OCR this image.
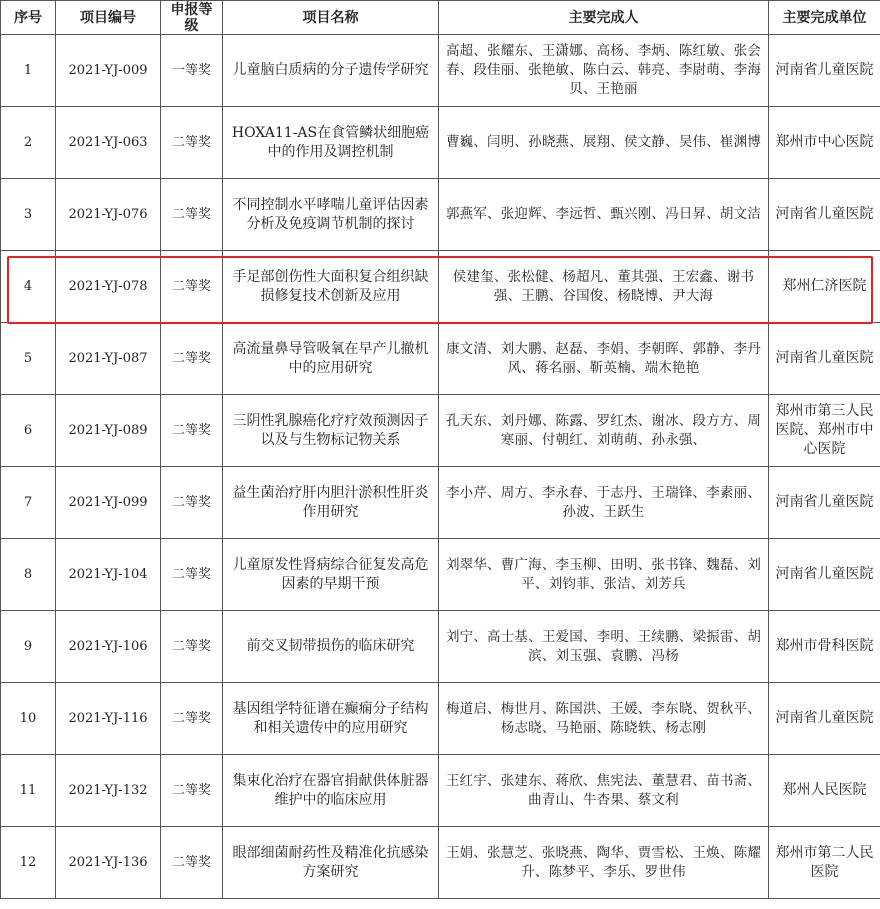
序号	项目编号	申报等级	项目名称	主要完成人	主要完成单位
1	2021-YJ-009	一等奖	儿童脑白质病的分子遗传学研究	高超、张耀东、王潇娜、高杨、李炳、陈红敏、张会春、段佳丽、张艳敏、陈白云、韩亮、李尉萌、李海贝、王艳丽	河南省儿童医院
2	2021-YJ-063	二等奖	HOXA11-AS在食管鳞状细胞癌中的作用及调控机制	曹巍、闫明、孙晓燕、展翔、侯文静、吴伟、崔渊博	郑州市中心医院
3	2021-YJ-076	二等奖	不同控制水平哮喘儿童评估因素分析及免疫调节机制的探讨	郭燕军、张迎辉、李远哲、甄兴刚、冯日昇、胡文洁	河南省儿童医院
4	2021-YJ-078	二等奖	手足部创伤性大面积复合组织缺损修复技术创新及应用	侯建玺、张松健、杨超凡、董其强、王宏鑫、谢书强、王鹏、谷国俊、杨晓博、尹大海	郑州仁济医院
5	2021-YJ-087	二等奖	高流量鼻导管吸氧在早产儿撤机中的应用研究	康文清、刘大鹏、赵磊、李娟、李朝晖、郭静、李丹风、蒋名丽、靳英楠、端木艳艳	河南省儿童医院
6	2021-YJ-089	二等奖	三阴性乳腺癌化疗疗效预测因子以及与生物标记物关系	孔天东、刘丹娜、陈露、罗红杰、谢冰、段方方、周寒丽、付朝红、刘萌萌、孙永强、	郑州市第三人民医院、郑州市中心医院
7	2021-YJ-099	二等奖	益生菌治疗肝内胆汁淤积性肝炎作用研究	李小芹、周方、李永春、于志丹、王瑞锋、李素丽、孙波、王跃生	河南省儿童医院
8	2021-YJ-104	二等奖	儿童原发性肾病综合征复发高危因素的早期干预	刘翠华、曹广海、李玉柳、田明、张书锋、魏磊、刘平、刘钧菲、张洁、刘芳兵	河南省儿童医院
9	2021-YJ-106	二等奖	前交叉韧带损伤的临床研究	刘宁、高士基、王爱国、李明、王续鹏、梁振雷、胡滨、刘玉强、袁鹏、冯杨	郑州市骨科医院
10	2021-YJ-116	二等奖	基因组学特征谱在癫痫分子结构和相关遗传中的应用研究	梅道启、梅世月、陈国洪、王媛、李东晓、贺秋平、杨志晓、马艳丽、陈晓轶、杨志刚	河南省儿童医院
11	2021-YJ-132	二等奖	集束化治疗在器官捐献供体脏器维护中的临床应用	王红宇、张建东、蒋欣、焦宪法、董慧君、苗书斋、曲青山、牛杏果、蔡文利	郑州人民医院
12	2021-YJ-136	二等奖	眼部细菌耐药性及精准化抗感染方案研究	王娟、张慧芝、张晓燕、陶华、贾雪松、王焕、陈耀升、陈梦平、李乐、罗世伟	郑州市第二人民医院
